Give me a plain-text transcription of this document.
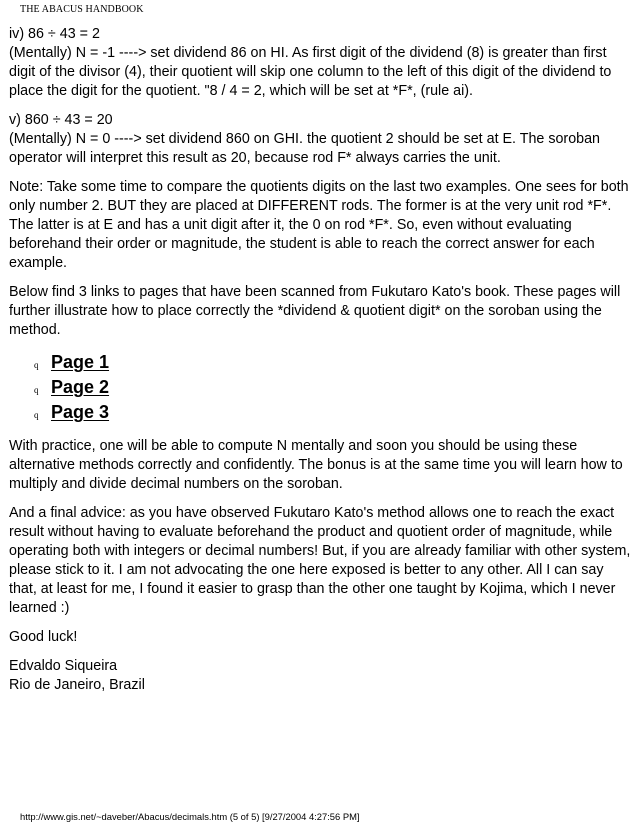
THE ABACUS HANDBOOK

iv) 86 ÷ 43 = 2
(Mentally) N = -1 ----> set dividend 86 on HI. As first digit of the dividend (8) is greater than first digit of the divisor (4), their quotient will skip one column to the left of this digit of the dividend to place the digit for the quotient. "8 / 4 = 2, which will be set at *F*, (rule ai).

v) 860 ÷ 43 = 20
(Mentally) N = 0 ----> set dividend 860 on GHI. the quotient 2 should be set at E. The soroban operator will interpret this result as 20, because rod F* always carries the unit.

Note: Take some time to compare the quotients digits on the last two examples. One sees for both only number 2. BUT they are placed at DIFFERENT rods. The former is at the very unit rod *F*. The latter is at E and has a unit digit after it, the 0 on rod *F*. So, even without evaluating beforehand their order or magnitude, the student is able to reach the correct answer for each example.

Below find 3 links to pages that have been scanned from Fukutaro Kato's book. These pages will further illustrate how to place correctly the *dividend & quotient digit* on the soroban using the method.

q Page 1
q Page 2
q Page 3

With practice, one will be able to compute N mentally and soon you should be using these alternative methods correctly and confidently. The bonus is at the same time you will learn how to multiply and divide decimal numbers on the soroban.

And a final advice: as you have observed Fukutaro Kato's method allows one to reach the exact result without having to evaluate beforehand the product and quotient order of magnitude, while operating both with integers or decimal numbers! But, if you are already familiar with other system, please stick to it. I am not advocating the one here exposed is better to any other. All I can say that, at least for me, I found it easier to grasp than the other one taught by Kojima, which I never learned :)

Good luck!

Edvaldo Siqueira
Rio de Janeiro, Brazil

http://www.gis.net/~daveber/Abacus/decimals.htm (5 of 5) [9/27/2004 4:27:56 PM]
